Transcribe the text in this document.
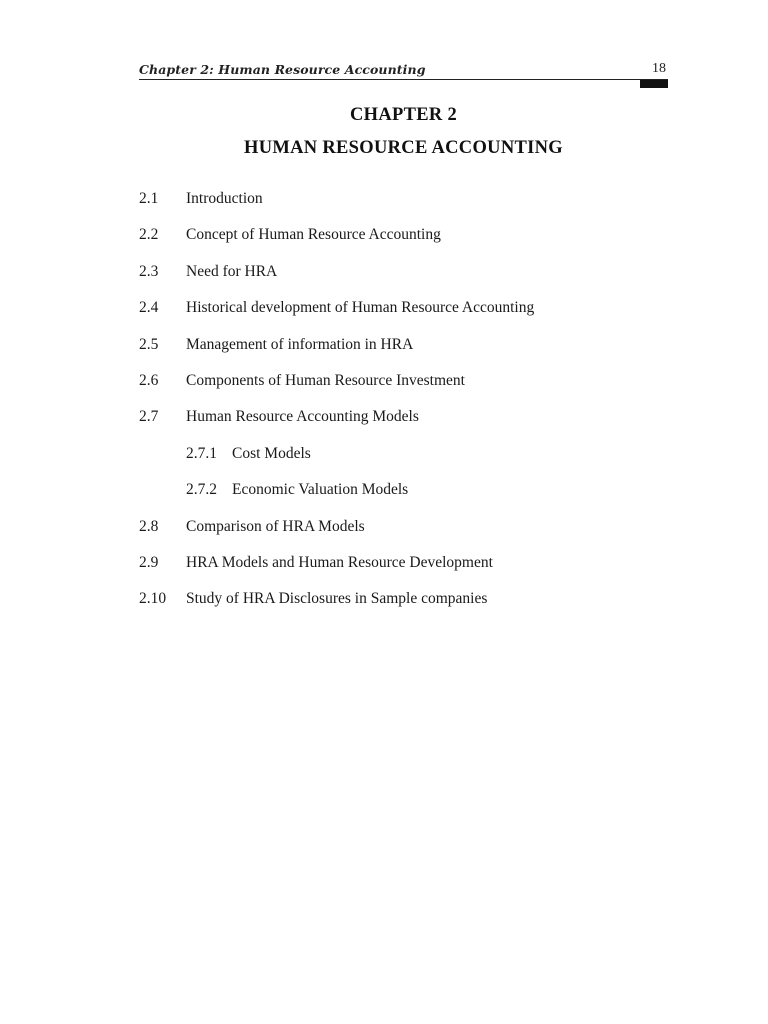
Chapter 2: Human Resource Accounting	18
CHAPTER 2
HUMAN RESOURCE ACCOUNTING
2.1 Introduction
2.2 Concept of Human Resource Accounting
2.3 Need for HRA
2.4 Historical development of Human Resource Accounting
2.5 Management of information in HRA
2.6 Components of Human Resource Investment
2.7 Human Resource Accounting Models
2.7.1 Cost Models
2.7.2 Economic Valuation Models
2.8 Comparison of HRA Models
2.9 HRA Models and Human Resource Development
2.10 Study of HRA Disclosures in Sample companies
